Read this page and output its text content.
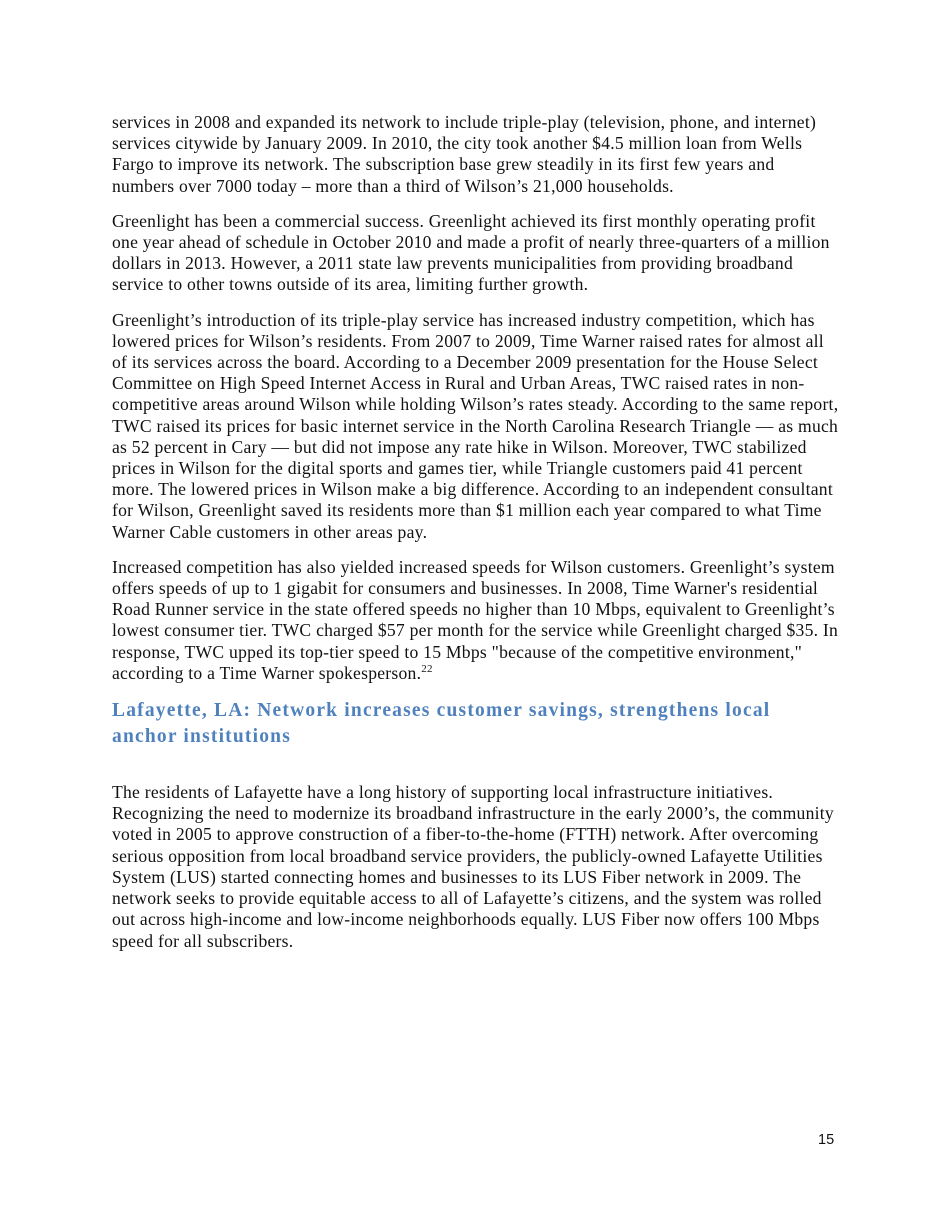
services in 2008 and expanded its network to include triple-play (television, phone, and internet) services citywide by January 2009. In 2010, the city took another $4.5 million loan from Wells Fargo to improve its network. The subscription base grew steadily in its first few years and numbers over 7000 today – more than a third of Wilson’s 21,000 households.

Greenlight has been a commercial success. Greenlight achieved its first monthly operating profit one year ahead of schedule in October 2010 and made a profit of nearly three-quarters of a million dollars in 2013. However, a 2011 state law prevents municipalities from providing broadband service to other towns outside of its area, limiting further growth.

Greenlight’s introduction of its triple-play service has increased industry competition, which has lowered prices for Wilson’s residents. From 2007 to 2009, Time Warner raised rates for almost all of its services across the board. According to a December 2009 presentation for the House Select Committee on High Speed Internet Access in Rural and Urban Areas, TWC raised rates in non-competitive areas around Wilson while holding Wilson’s rates steady. According to the same report, TWC raised its prices for basic internet service in the North Carolina Research Triangle — as much as 52 percent in Cary — but did not impose any rate hike in Wilson. Moreover, TWC stabilized prices in Wilson for the digital sports and games tier, while Triangle customers paid 41 percent more. The lowered prices in Wilson make a big difference. According to an independent consultant for Wilson, Greenlight saved its residents more than $1 million each year compared to what Time Warner Cable customers in other areas pay.

Increased competition has also yielded increased speeds for Wilson customers. Greenlight’s system offers speeds of up to 1 gigabit for consumers and businesses. In 2008, Time Warner's residential Road Runner service in the state offered speeds no higher than 10 Mbps, equivalent to Greenlight’s lowest consumer tier. TWC charged $57 per month for the service while Greenlight charged $35. In response, TWC upped its top-tier speed to 15 Mbps "because of the competitive environment," according to a Time Warner spokesperson.$^{22}$

Lafayette, LA: Network increases customer savings, strengthens local anchor institutions

The residents of Lafayette have a long history of supporting local infrastructure initiatives. Recognizing the need to modernize its broadband infrastructure in the early 2000’s, the community voted in 2005 to approve construction of a fiber-to-the-home (FTTH) network. After overcoming serious opposition from local broadband service providers, the publicly-owned Lafayette Utilities System (LUS) started connecting homes and businesses to its LUS Fiber network in 2009. The network seeks to provide equitable access to all of Lafayette’s citizens, and the system was rolled out across high-income and low-income neighborhoods equally. LUS Fiber now offers 100 Mbps speed for all subscribers.

15
